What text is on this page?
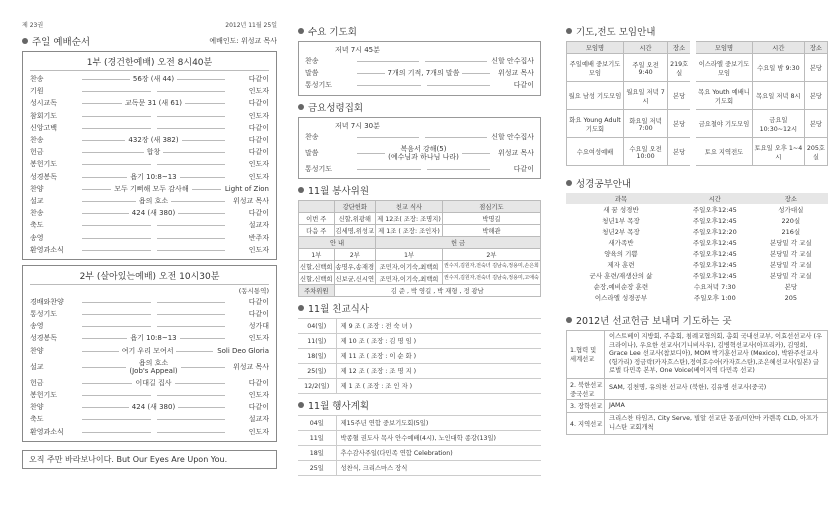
제 23권	2012년 11월 25일
주일 예배순서	예배인도: 위성교 목사
1부 (경건한예배) 오전 8시40분
찬송	56장 (새 44)	다같이
기원	인도자
성시교독	교독문 31 (새 61)	다같이
참회기도	인도자
신앙고백	다같이
찬송	432장 (새 382)	다같이
헌금	합창	다같이
봉헌기도	인도자
성경봉독	욥기 10:8~13	인도자
찬양	모두 기뻐해 모두 감사해	Light of Zion
설교	욥의 호소	위성교 목사
찬송	424 (새 380)	다같이
축도	설교자
송영	반주자
환영과소식	인도자
2부 (살아있는예배) 오전 10시30분
(동시통역)
경배와찬양	다같이
통성기도	다같이
송영	성가대
성경봉독	욥기 10:8~13	인도자
찬양	여기 우리 모여서	Soli Deo Gloria
설교	욥의 호소
(Job's Appeal)	위성교 목사
헌금	이대길 집사	다같이
봉헌기도	인도자
찬양	424 (새 380)	다같이
축도	설교자
환영과소식	인도자
오직 주만 바라보나이다. But Our Eyes Are Upon You.
수요 기도회
저녁 7시 45분
찬송	신할 안수집사
말씀	7개의 기적, 7개의 말씀	위성교 목사
통성기도	다같이
금요성령집회
저녁 7시 30분
찬송	신할 안수집사
말씀	복음서 강해(5)
(예수님과 하나님 나라)	위성교 목사
통성기도	다같이
11월 봉사위원
	강단헌화	친교 식사	점심기도
이번 주	신할,위광해	제 12조( 조장: 조명지)	박명길
다음 주	김세명,위성교	제 1조 ( 조장: 조인자)	박해관
안 내		헌 금	
1부	2부	1부	2부
신할,신백희	송명우,송재경	조민자,이기숙,최백희	권수지,김원자,전숙녀 김남숙,정용미,손은희
신할,신백희	신보균,신시연	조민자,이기숙,최백희	권수지,김원자,전숙녀 김남숙,정용미,고애숙
주차위원	김 준 , 박 영길 , 박 재형 , 정 광남		
11월 친교식사
04(일)	제 9 조 ( 조장 : 전 숙 녀 )
11(일)	제 10 조 ( 조장 : 김 명 임 )
18(일)	제 11 조 ( 조장 : 이 순 화 )
25(일)	제 12 조 ( 조장 : 조 명 지 )
12/2(일)	제 1 조 ( 조장 : 조 인 자 )
11월 행사계획
04일	제15주년 연합 중보기도회(5일)
11일	박종혈 권도사 목사 안수예배(4시), 노인대학 종강(13일)
18일	추수감사주일(다민족 연합 Celebration)
25일	성찬식, 크리스마스 장식
기도,전도 모임안내
모임명	시간	장소	모임명	시간	장소
주일예배 중보기도모임	주일 오전 9:40	219호실	이스라엘 중보기도모임	수요일 밤 9:30	본당
월요 남성 기도모임	월요일 저녁 7시	본당	목요 Youth 예배니 기도회	목요일 저녁 8시	본당
화요 Young Adult 기도회	화요일 저녁7:00	본당	금요철야 기도모임	금요일 10:30~12시	본당
수요여성예배	수요일 오전 10:00	본당	토요 지역전도	토요일 오후 1~4시	205호실
성경공부안내
과목	시간	장소
새 꿈 성경반	주일오후12:45	성가대실
청년1부 목장	주일오후12:45	220실
청년2부 목장	주일오후12:20	216실
새가족반	주일오후12:45	본당밑 각 교실
양육의 기쁨	주일오후12:45	본당밑 각 교실
제자 훈련	주일오후12:45	본당밑 각 교실
군사 훈련/재생산의 삶	주일오후12:45	본당밑 각 교실
순장,예비순장 훈련	수요저녁 7:30	본당
이스라엘 성경공부	주일오후 1:00	205
2012년 선교헌금 보내며 기도하는 곳
1.협력 및 세계선교	이스트베이 지방회, 주총회, 침례교협의회, 총회 국내선교부, 이효선선교사 (우크라이나), 우요한 선교사(기니비사우), 김병혁선교사(아프리카), 김영희, Grace Lee 선교사(참보디아), MOM 박기훈선교사 (Mexico), 박완주선교사 (헝가리) 정금락(카자흐스탄),정여호수아(카자흐스탄),조은혜선교사(일본) 글로벌 다민족 본부, One Voice(베이지역 다민족 선교)
2. 북한선교 중국선교	SAM, 김천명, 유의찬 선교사 (북한), 김유병 선교사(중국)
3. 장학선교	JAMA
4. 지역선교	크리스찬 타임즈, City Serve, 빌알 선교단 몽골/미얀마 카렌족 CLD, 아프가니스탄 교회개척
